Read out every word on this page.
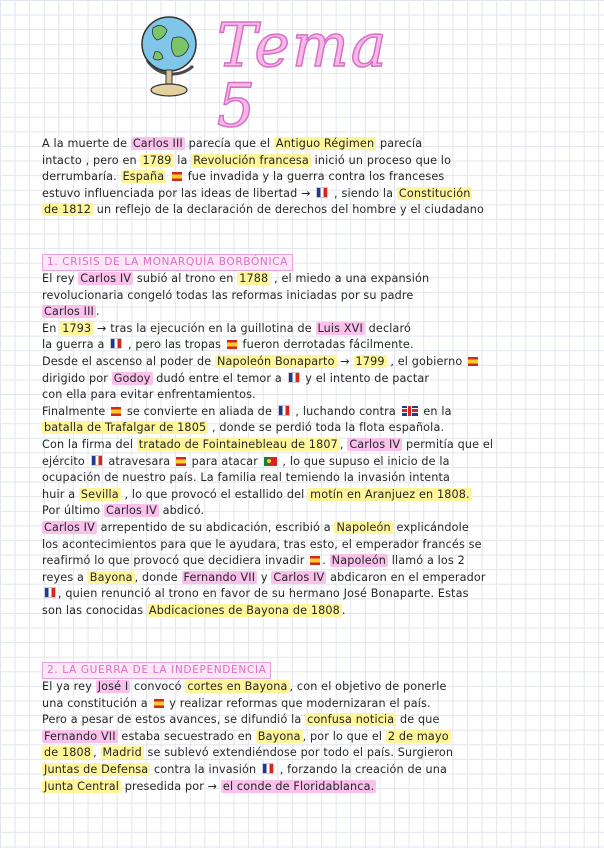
Tema 5
A la muerte de Carlos III parecía que el Antiguo Régimen parecía
intacto , pero en 1789 la Revolución francesa inició un proceso que lo
derrumbaría. España fue invadida y la guerra contra los franceses
estuvo influenciada por las ideas de libertad → , siendo la Constitución
de 1812 un reflejo de la declaración de derechos del hombre y el ciudadano
1. CRISIS DE LA MONARQUÍA BORBÓNICA
El rey Carlos IV subió al trono en 1788 , el miedo a una expansión
revolucionaria congeló todas las reformas iniciadas por su padre
Carlos III .
En 1793 → tras la ejecución en la guillotina de Luis XVI declaró
la guerra a , pero las tropas fueron derrotadas fácilmente.
Desde el ascenso al poder de Napoleón Bonaparto → 1799 , el gobierno
dirigido por Godoy dudó entre el temor a y el intento de pactar
con ella para evitar enfrentamientos.
Finalmente se convierte en aliada de , luchando contra en la
batalla de Trafalgar de 1805 , donde se perdió toda la flota española.
Con la firma del tratado de Fointainebleau de 1807 , Carlos IV permitía que el
ejército atravesara para atacar , lo que supuso el inicio de la
ocupación de nuestro país. La familia real temiendo la invasión intenta
huir a Sevilla , lo que provocó el estallido del motín en Aranjuez en 1808.
Por último Carlos IV abdicó.
Carlos IV arrepentido de su abdicación, escribió a Napoleón explicándole
los acontecimientos para que le ayudara, tras esto, el emperador francés se
reafirmó lo que provocó que decidiera invadir . Napoleón llamó a los 2
reyes a Bayona , donde Fernando VII y Carlos IV abdicaron en el emperador
, quien renunció al trono en favor de su hermano José Bonaparte. Estas
son las conocidas Abdicaciones de Bayona de 1808 .
2. LA GUERRA DE LA INDEPENDENCIA
El ya rey José I convocó cortes en Bayona , con el objetivo de ponerle
una constitución a y realizar reformas que modernizaran el país.
Pero a pesar de estos avances, se difundió la confusa noticia de que
Fernando VII estaba secuestrado en Bayona , por lo que el 2 de mayo
de 1808 , Madrid se sublevó extendiéndose por todo el país. Surgieron
Juntas de Defensa contra la invasión , forzando la creación de una
Junta Central presedida por → el conde de Floridablanca.
